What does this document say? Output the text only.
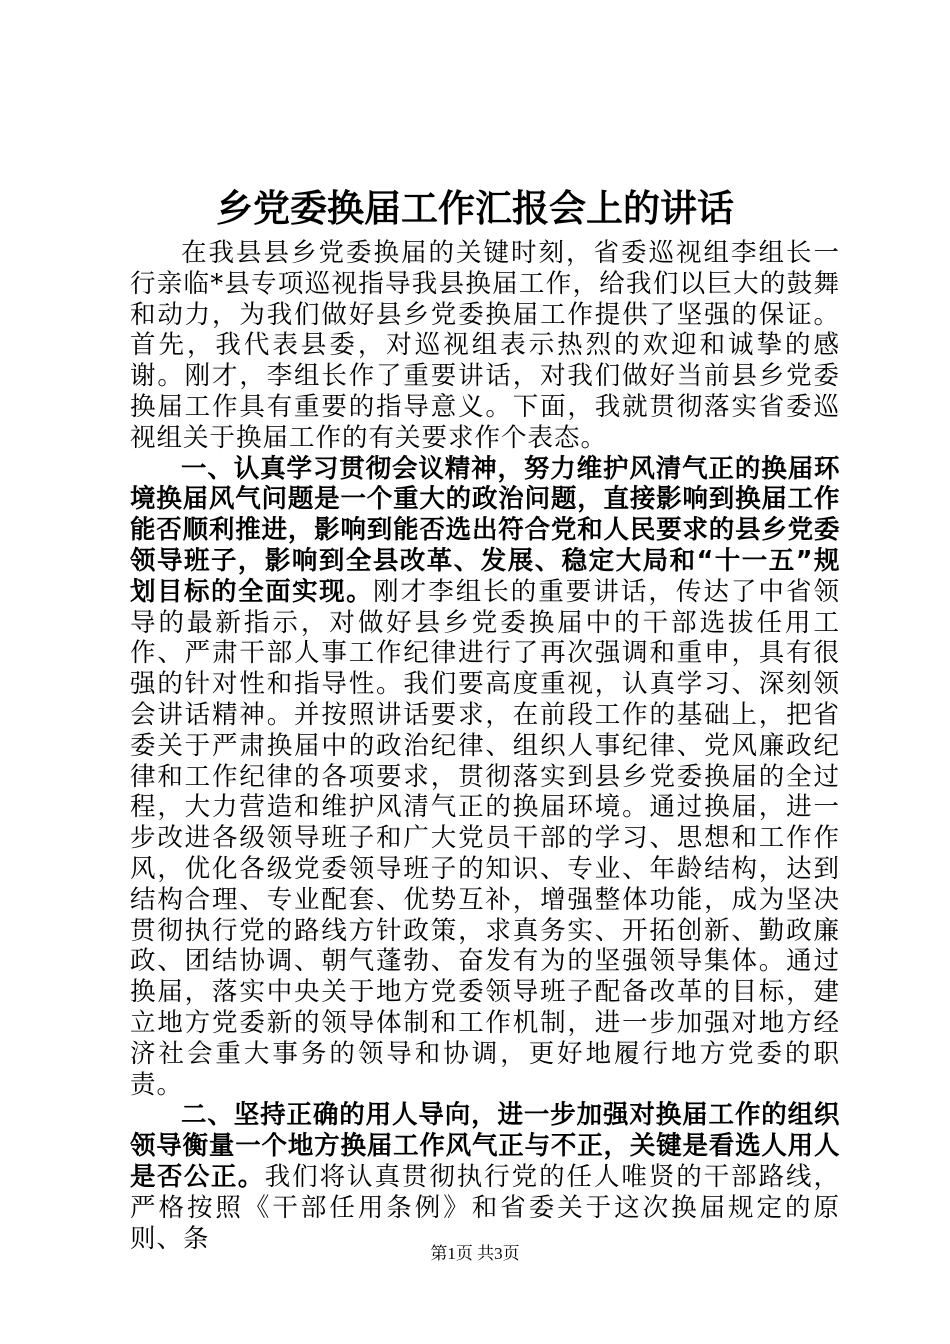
乡党委换届工作汇报会上的讲话

在我县县乡党委换届的关键时刻，省委巡视组李组长一行亲临*县专项巡视指导我县换届工作，给我们以巨大的鼓舞和动力，为我们做好县乡党委换届工作提供了坚强的保证。首先，我代表县委，对巡视组表示热烈的欢迎和诚挚的感谢。刚才，李组长作了重要讲话，对我们做好当前县乡党委换届工作具有重要的指导意义。下面，我就贯彻落实省委巡视组关于换届工作的有关要求作个表态。

一、认真学习贯彻会议精神，努力维护风清气正的换届环境换届风气问题是一个重大的政治问题，直接影响到换届工作能否顺利推进，影响到能否选出符合党和人民要求的县乡党委领导班子，影响到全县改革、发展、稳定大局和“十一五”规划目标的全面实现。刚才李组长的重要讲话，传达了中省领导的最新指示，对做好县乡党委换届中的干部选拔任用工作、严肃干部人事工作纪律进行了再次强调和重申，具有很强的针对性和指导性。我们要高度重视，认真学习、深刻领会讲话精神。并按照讲话要求，在前段工作的基础上，把省委关于严肃换届中的政治纪律、组织人事纪律、党风廉政纪律和工作纪律的各项要求，贯彻落实到县乡党委换届的全过程，大力营造和维护风清气正的换届环境。通过换届，进一步改进各级领导班子和广大党员干部的学习、思想和工作作风，优化各级党委领导班子的知识、专业、年龄结构，达到结构合理、专业配套、优势互补，增强整体功能，成为坚决贯彻执行党的路线方针政策，求真务实、开拓创新、勤政廉政、团结协调、朝气蓬勃、奋发有为的坚强领导集体。通过换届，落实中央关于地方党委领导班子配备改革的目标，建立地方党委新的领导体制和工作机制，进一步加强对地方经济社会重大事务的领导和协调，更好地履行地方党委的职责。

二、坚持正确的用人导向，进一步加强对换届工作的组织领导衡量一个地方换届工作风气正与不正，关键是看选人用人是否公正。我们将认真贯彻执行党的任人唯贤的干部路线，严格按照《干部任用条例》和省委关于这次换届规定的原则、条	第1页 共3页
